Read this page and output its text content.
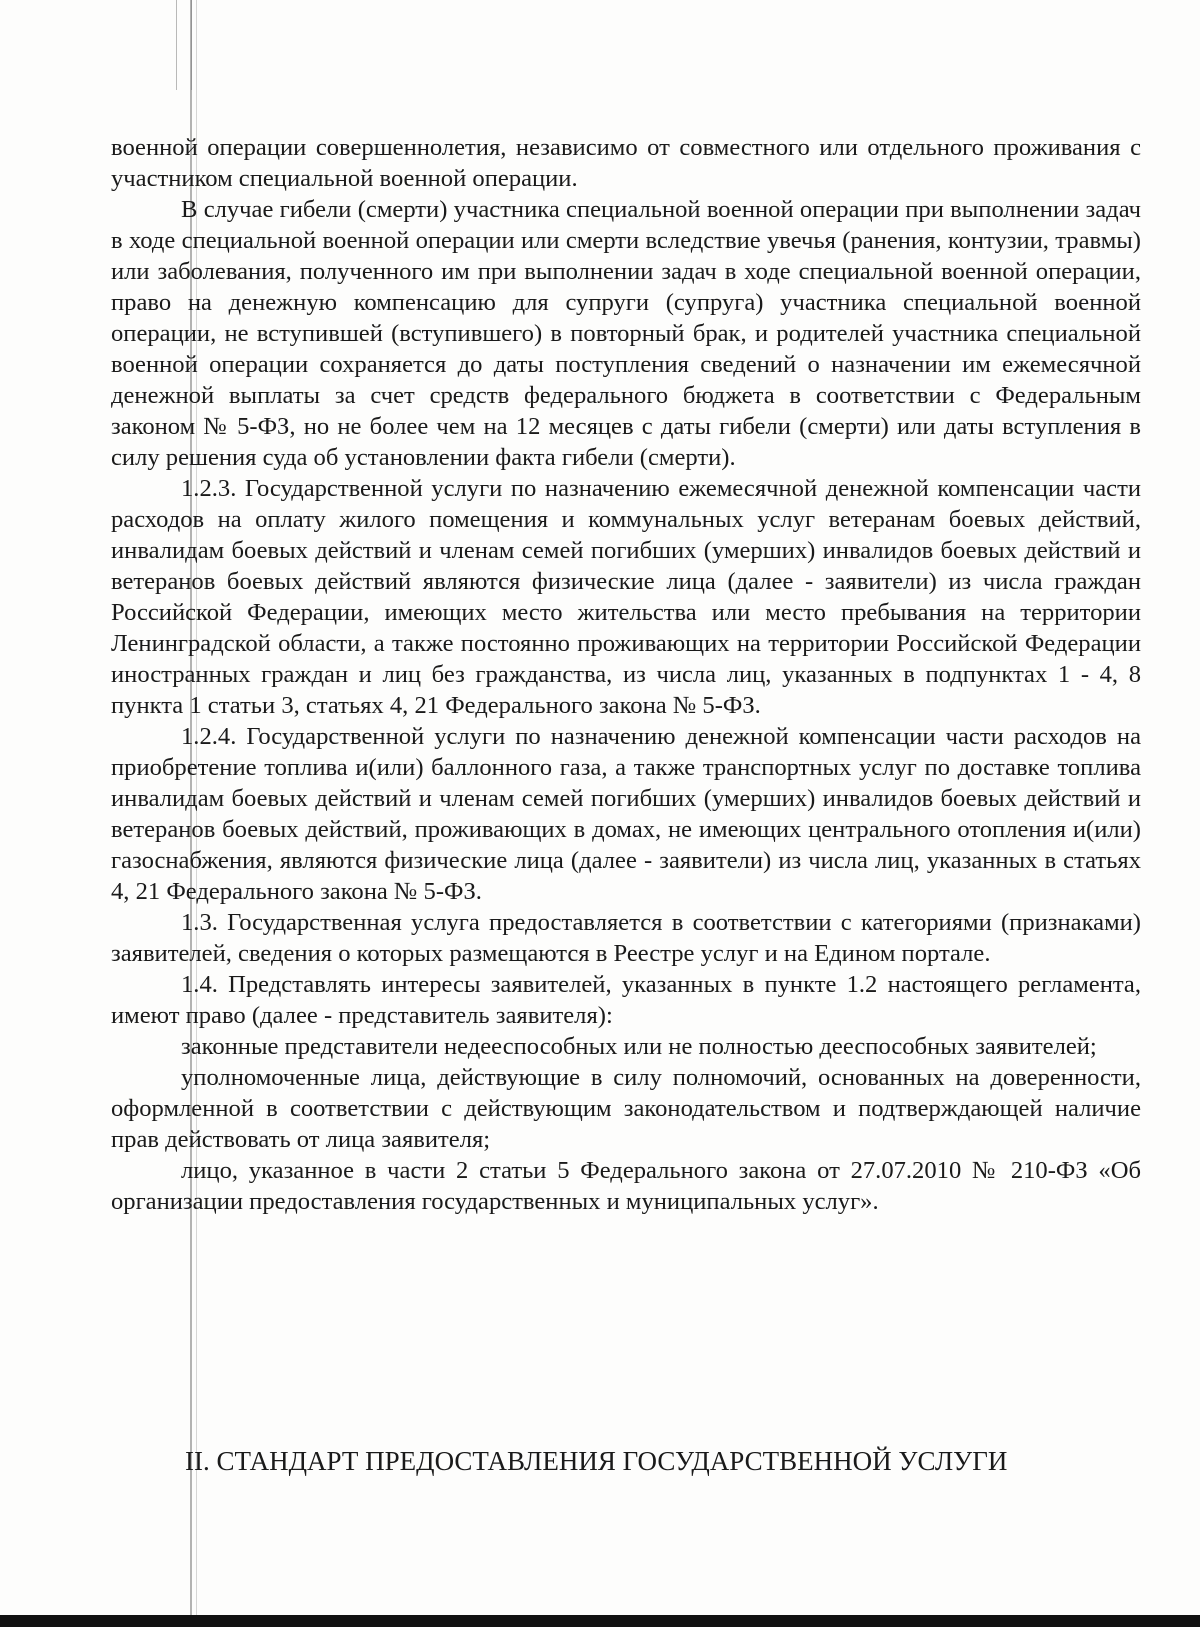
военной операции совершеннолетия, независимо от совместного или отдельного проживания с участником специальной военной операции.

В случае гибели (смерти) участника специальной военной операции при выполнении задач в ходе специальной военной операции или смерти вследствие увечья (ранения, контузии, травмы) или заболевания, полученного им при выполнении задач в ходе специальной военной операции, право на денежную компенсацию для супруги (супруга) участника специальной военной операции, не вступившей (вступившего) в повторный брак, и родителей участника специальной военной операции сохраняется до даты поступления сведений о назначении им ежемесячной денежной выплаты за счет средств федерального бюджета в соответствии с Федеральным законом № 5-ФЗ, но не более чем на 12 месяцев с даты гибели (смерти) или даты вступления в силу решения суда об установлении факта гибели (смерти).

1.2.3. Государственной услуги по назначению ежемесячной денежной компенсации части расходов на оплату жилого помещения и коммунальных услуг ветеранам боевых действий, инвалидам боевых действий и членам семей погибших (умерших) инвалидов боевых действий и ветеранов боевых действий являются физические лица (далее - заявители) из числа граждан Российской Федерации, имеющих место жительства или место пребывания на территории Ленинградской области, а также постоянно проживающих на территории Российской Федерации иностранных граждан и лиц без гражданства, из числа лиц, указанных в подпунктах 1 - 4, 8 пункта 1 статьи 3, статьях 4, 21 Федерального закона № 5-ФЗ.

1.2.4. Государственной услуги по назначению денежной компенсации части расходов на приобретение топлива и(или) баллонного газа, а также транспортных услуг по доставке топлива инвалидам боевых действий и членам семей погибших (умерших) инвалидов боевых действий и ветеранов боевых действий, проживающих в домах, не имеющих центрального отопления и(или) газоснабжения, являются физические лица (далее - заявители) из числа лиц, указанных в статьях 4, 21 Федерального закона № 5-ФЗ.

1.3. Государственная услуга предоставляется в соответствии с категориями (признаками) заявителей, сведения о которых размещаются в Реестре услуг и на Едином портале.

1.4. Представлять интересы заявителей, указанных в пункте 1.2 настоящего регламента, имеют право (далее - представитель заявителя):

законные представители недееспособных или не полностью дееспособных заявителей;

уполномоченные лица, действующие в силу полномочий, основанных на доверенности, оформленной в соответствии с действующим законодательством и подтверждающей наличие прав действовать от лица заявителя;

лицо, указанное в части 2 статьи 5 Федерального закона от 27.07.2010 № 210-ФЗ «Об организации предоставления государственных и муниципальных услуг».

II. СТАНДАРТ ПРЕДОСТАВЛЕНИЯ ГОСУДАРСТВЕННОЙ УСЛУГИ
